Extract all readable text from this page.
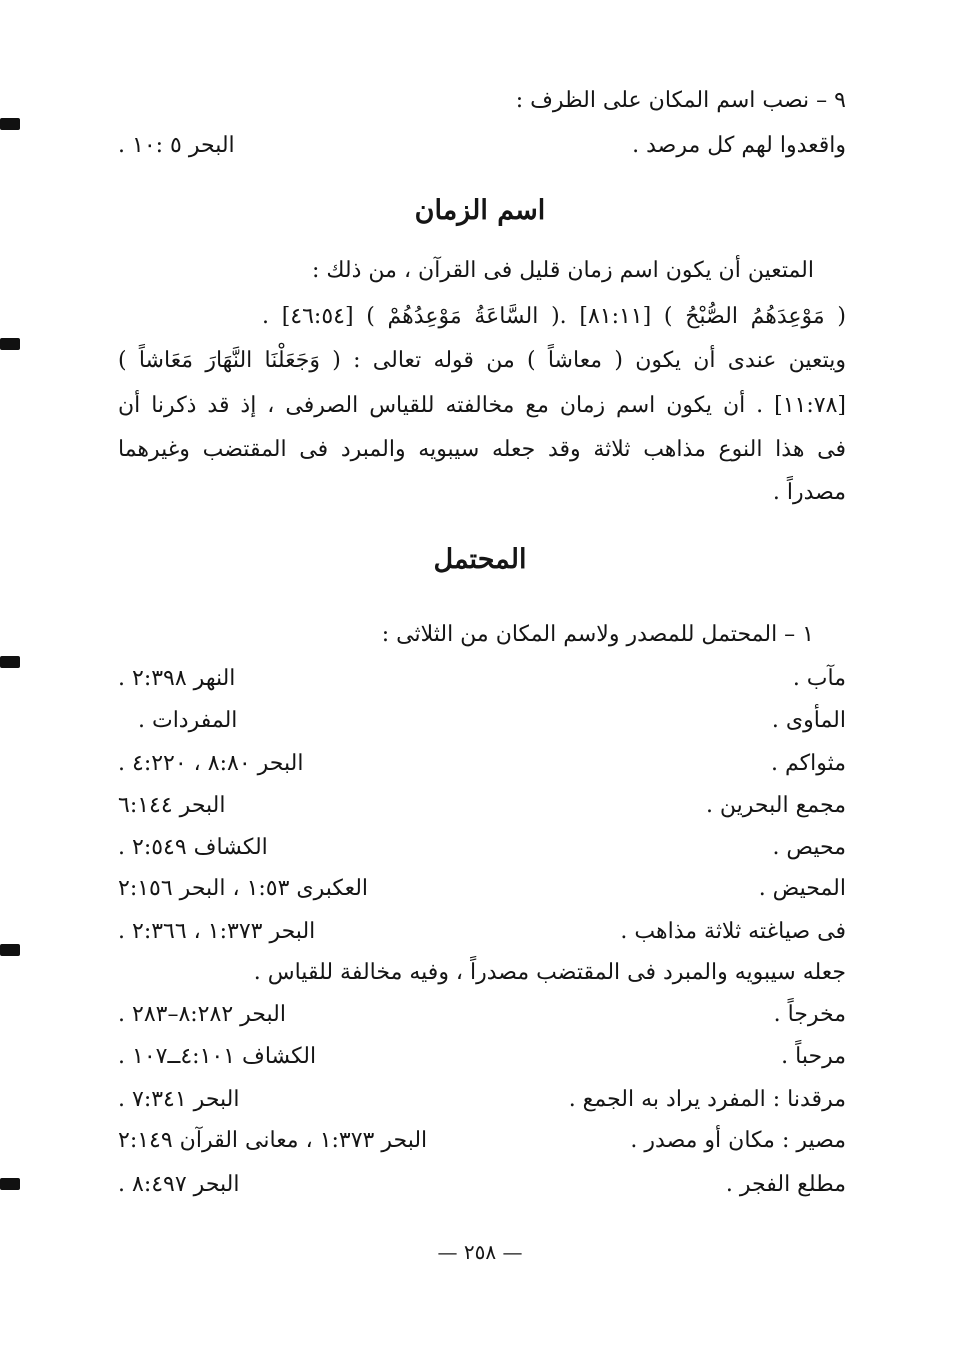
٩ – نصب اسم المكان على الظرف :
واقعدوا لهم كل مرصد .
البحر ٥ :١٠ .
اسم الزمان
المتعين أن يكون اسم زمان قليل فى القرآن ، من ذلك :
( مَوْعِدَهُمُ الصُّبْحُ ) [٨١:١١] .( السَّاعَةُ مَوْعِدُهُمْ ) [٤٦:٥٤] .
ويتعين عندى أن يكون ( معاشاً ) من قوله تعالى : ( وَجَعَلْنَا النَّهَارَ مَعَاشاً )
[١١:٧٨] . أن يكون اسم زمان مع مخالفته للقياس الصرفى ، إذ قد ذكرنا أن
فى هذا النوع مذاهب ثلاثة وقد جعله سيبويه والمبرد فى المقتضب وغيرهما
مصدراً .
المحتمل
١ – المحتمل للمصدر ولاسم المكان من الثلاثى :
مآب .
النهر ٢:٣٩٨ .
المأوى .
المفردات .
مثواكم .
البحر ٨:٨٠ ، ٤:٢٢٠ .
مجمع البحرين .
البحر ٦:١٤٤
محيص .
الكشاف ٢:٥٤٩ .
المحيض .
العكبرى ١:٥٣ ، البحر ٢:١٥٦
فى صياغته ثلاثة مذاهب .
البحر ١:٣٧٣ ، ٢:٣٦٦ .
جعله سيبويه والمبرد فى المقتضب مصدراً ، وفيه مخالفة للقياس .
مخرجاً .
البحر ٨:٢٨٢–٢٨٣ .
مرحباً .
الكشاف ٤:١٠١ــ١٠٧ .
مرقدنا : المفرد يراد به الجمع .
البحر ٧:٣٤١ .
مصير : مكان أو مصدر .
البحر ١:٣٧٣ ، معانى القرآن ٢:١٤٩
مطلع الفجر .
البحر ٨:٤٩٧ .
— ٢٥٨ —
